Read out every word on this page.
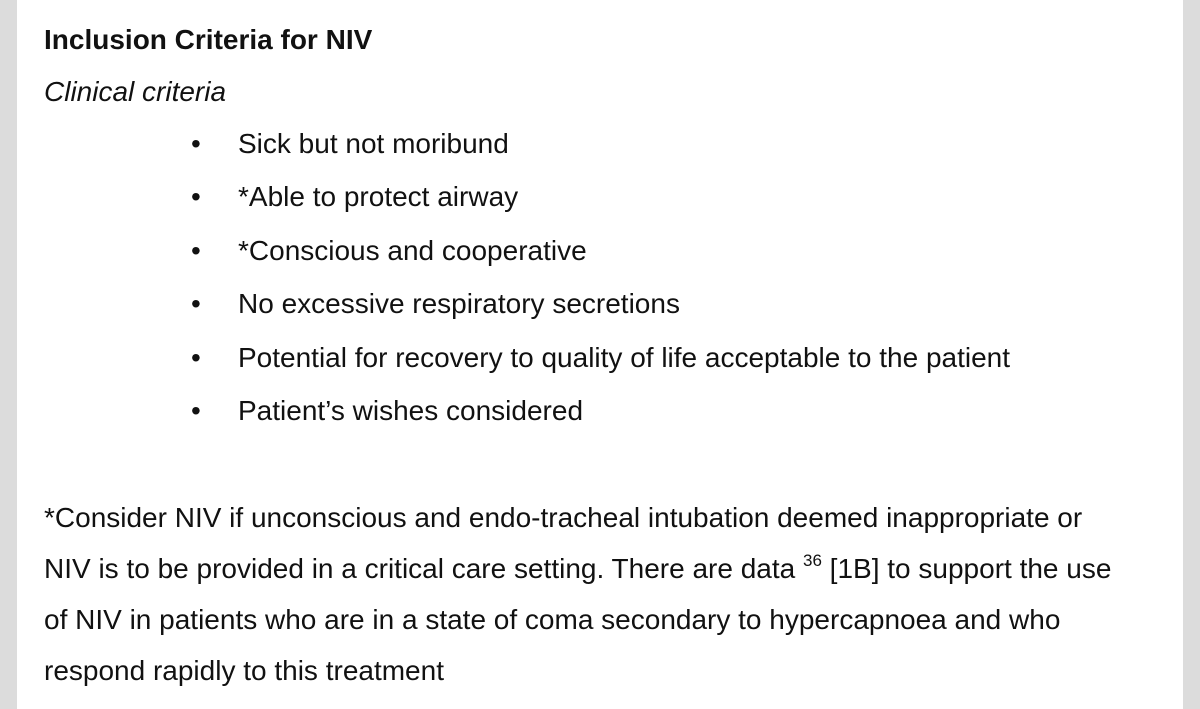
Inclusion Criteria for NIV
Clinical criteria
•	Sick but not moribund
•	*Able to protect airway
•	*Conscious and cooperative
•	No excessive respiratory secretions
•	Potential for recovery to quality of life acceptable to the patient
•	Patient’s wishes considered
*Consider NIV if unconscious and endo-tracheal intubation deemed inappropriate or
NIV is to be provided in a critical care setting. There are data $^{36}$ [1B] to support the use
of NIV in patients who are in a state of coma secondary to hypercapnoea and who
respond rapidly to this treatment
